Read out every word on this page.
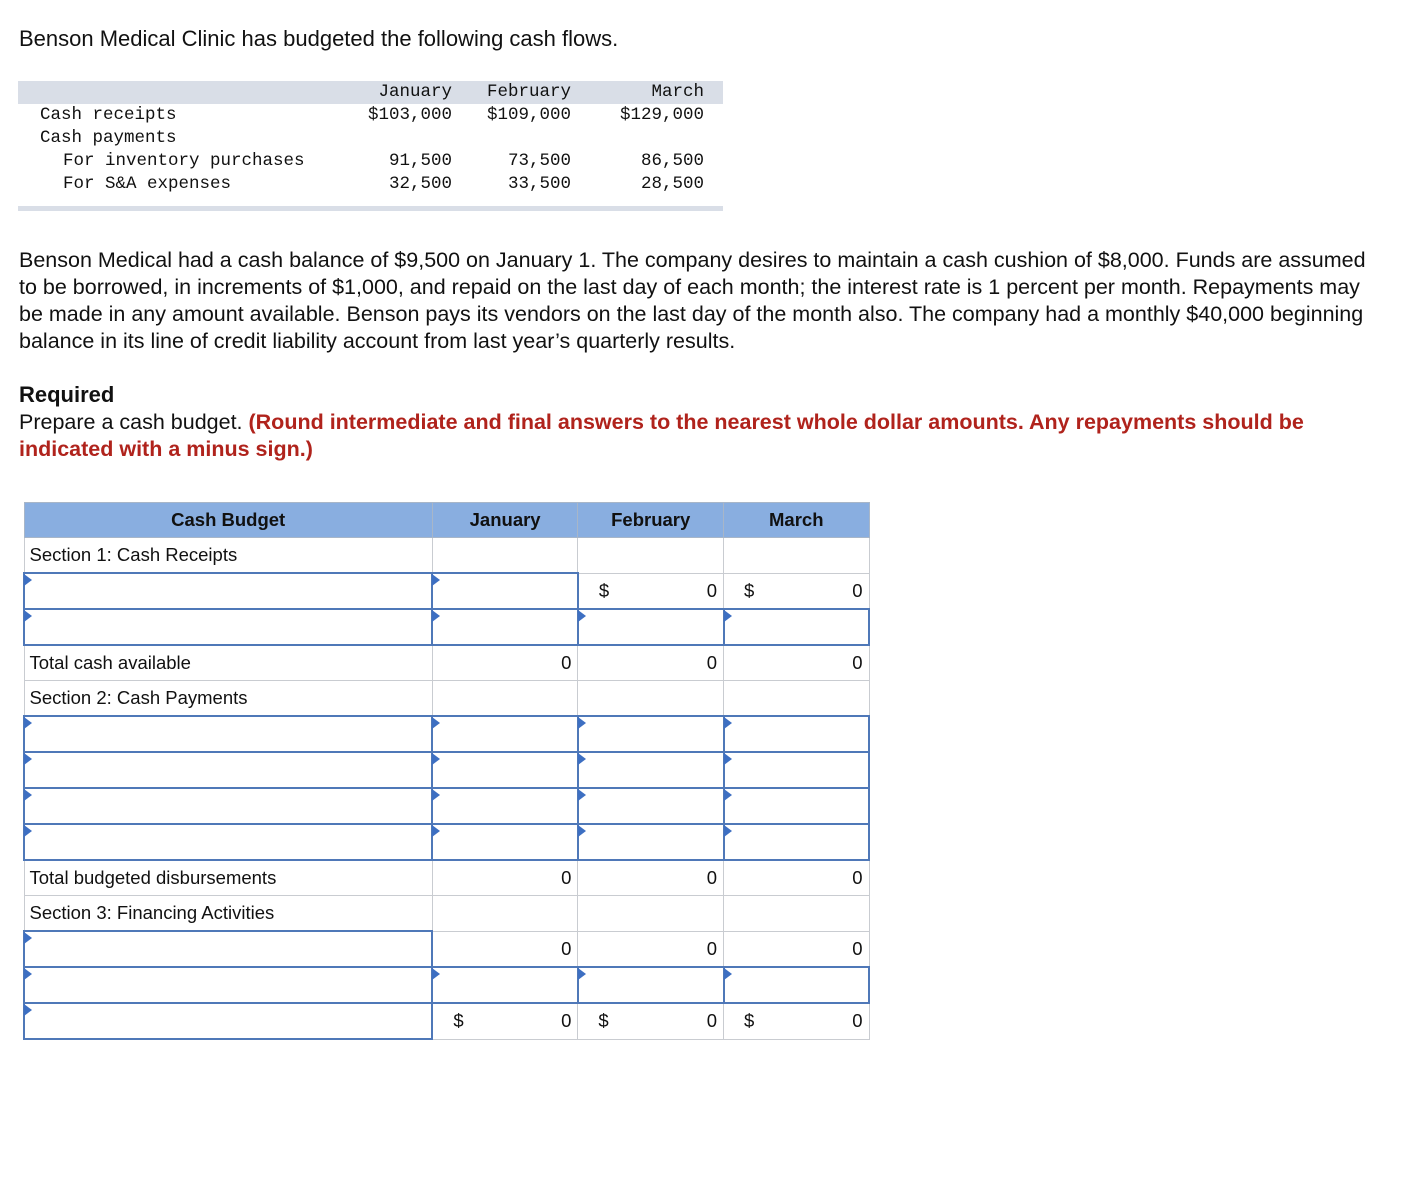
Benson Medical Clinic has budgeted the following cash flows.

	January	February	March
Cash receipts	$103,000	$109,000	$129,000
Cash payments			
For inventory purchases	91,500	73,500	86,500
For S&A expenses	32,500	33,500	28,500

Benson Medical had a cash balance of $9,500 on January 1. The company desires to maintain a cash cushion of $8,000. Funds are assumed to be borrowed, in increments of $1,000, and repaid on the last day of each month; the interest rate is 1 percent per month. Repayments may be made in any amount available. Benson pays its vendors on the last day of the month also. The company had a monthly $40,000 beginning balance in its line of credit liability account from last year’s quarterly results.

Required

Prepare a cash budget. (Round intermediate and final answers to the nearest whole dollar amounts. Any repayments should be indicated with a minus sign.)

Cash Budget	January	February	March
Section 1: Cash Receipts			

		$ 0	$ 0

Total cash available	0	0	0
Section 2: Cash Payments			

Total budgeted disbursements	0	0	0
Section 3: Financing Activities			
	0	0	0

	$ 0	$ 0	$ 0
